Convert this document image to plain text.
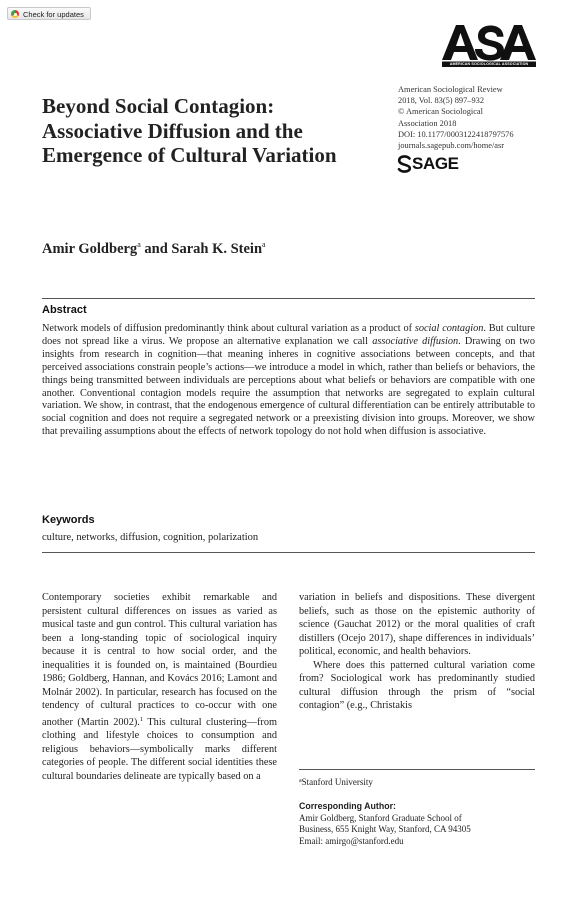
Check for updates
AMERICAN SOCIOLOGICAL ASSOCIATION
Beyond Social Contagion: Associative Diffusion and the Emergence of Cultural Variation
American Sociological Review
2018, Vol. 83(5) 897–932
© American Sociological
Association 2018
DOI: 10.1177/0003122418797576
journals.sagepub.com/home/asr
SAGE
Amir Goldberg$^a$ and Sarah K. Stein$^a$
Abstract

Network models of diffusion predominantly think about cultural variation as a product of social contagion. But culture does not spread like a virus. We propose an alternative explanation we call associative diffusion. Drawing on two insights from research in cognition—that meaning inheres in cognitive associations between concepts, and that perceived associations constrain people’s actions—we introduce a model in which, rather than beliefs or behaviors, the things being transmitted between individuals are perceptions about what beliefs or behaviors are compatible with one another. Conventional contagion models require the assumption that networks are segregated to explain cultural variation. We show, in contrast, that the endogenous emergence of cultural differentiation can be entirely attributable to social cognition and does not require a segregated network or a preexisting division into groups. Moreover, we show that prevailing assumptions about the effects of network topology do not hold when diffusion is associative.

Keywords
culture, networks, diffusion, cognition, polarization

Contemporary societies exhibit remarkable and persistent cultural differences on issues as varied as musical taste and gun control. This cultural variation has been a long-standing topic of sociological inquiry because it is central to how social order, and the inequalities it is founded on, is maintained (Bourdieu 1986; Goldberg, Hannan, and Kovács 2016; Lamont and Molnár 2002). In particular, research has focused on the tendency of cultural practices to co-occur with one another (Martin 2002).$^1$ This cultural clustering—from clothing and lifestyle choices to consumption and religious behaviors—symbolically marks different categories of people. The different social identities these cultural boundaries delineate are typically based on a

variation in beliefs and dispositions. These divergent beliefs, such as those on the epistemic authority of science (Gauchat 2012) or the moral qualities of craft distillers (Ocejo 2017), shape differences in individuals’ political, economic, and health behaviors.

Where does this patterned cultural variation come from? Sociological work has predominantly studied cultural diffusion through the prism of “social contagion” (e.g., Christakis

$^a$Stanford University
Corresponding Author:
Amir Goldberg, Stanford Graduate School of
Business, 655 Knight Way, Stanford, CA 94305
Email: amirgo@stanford.edu
